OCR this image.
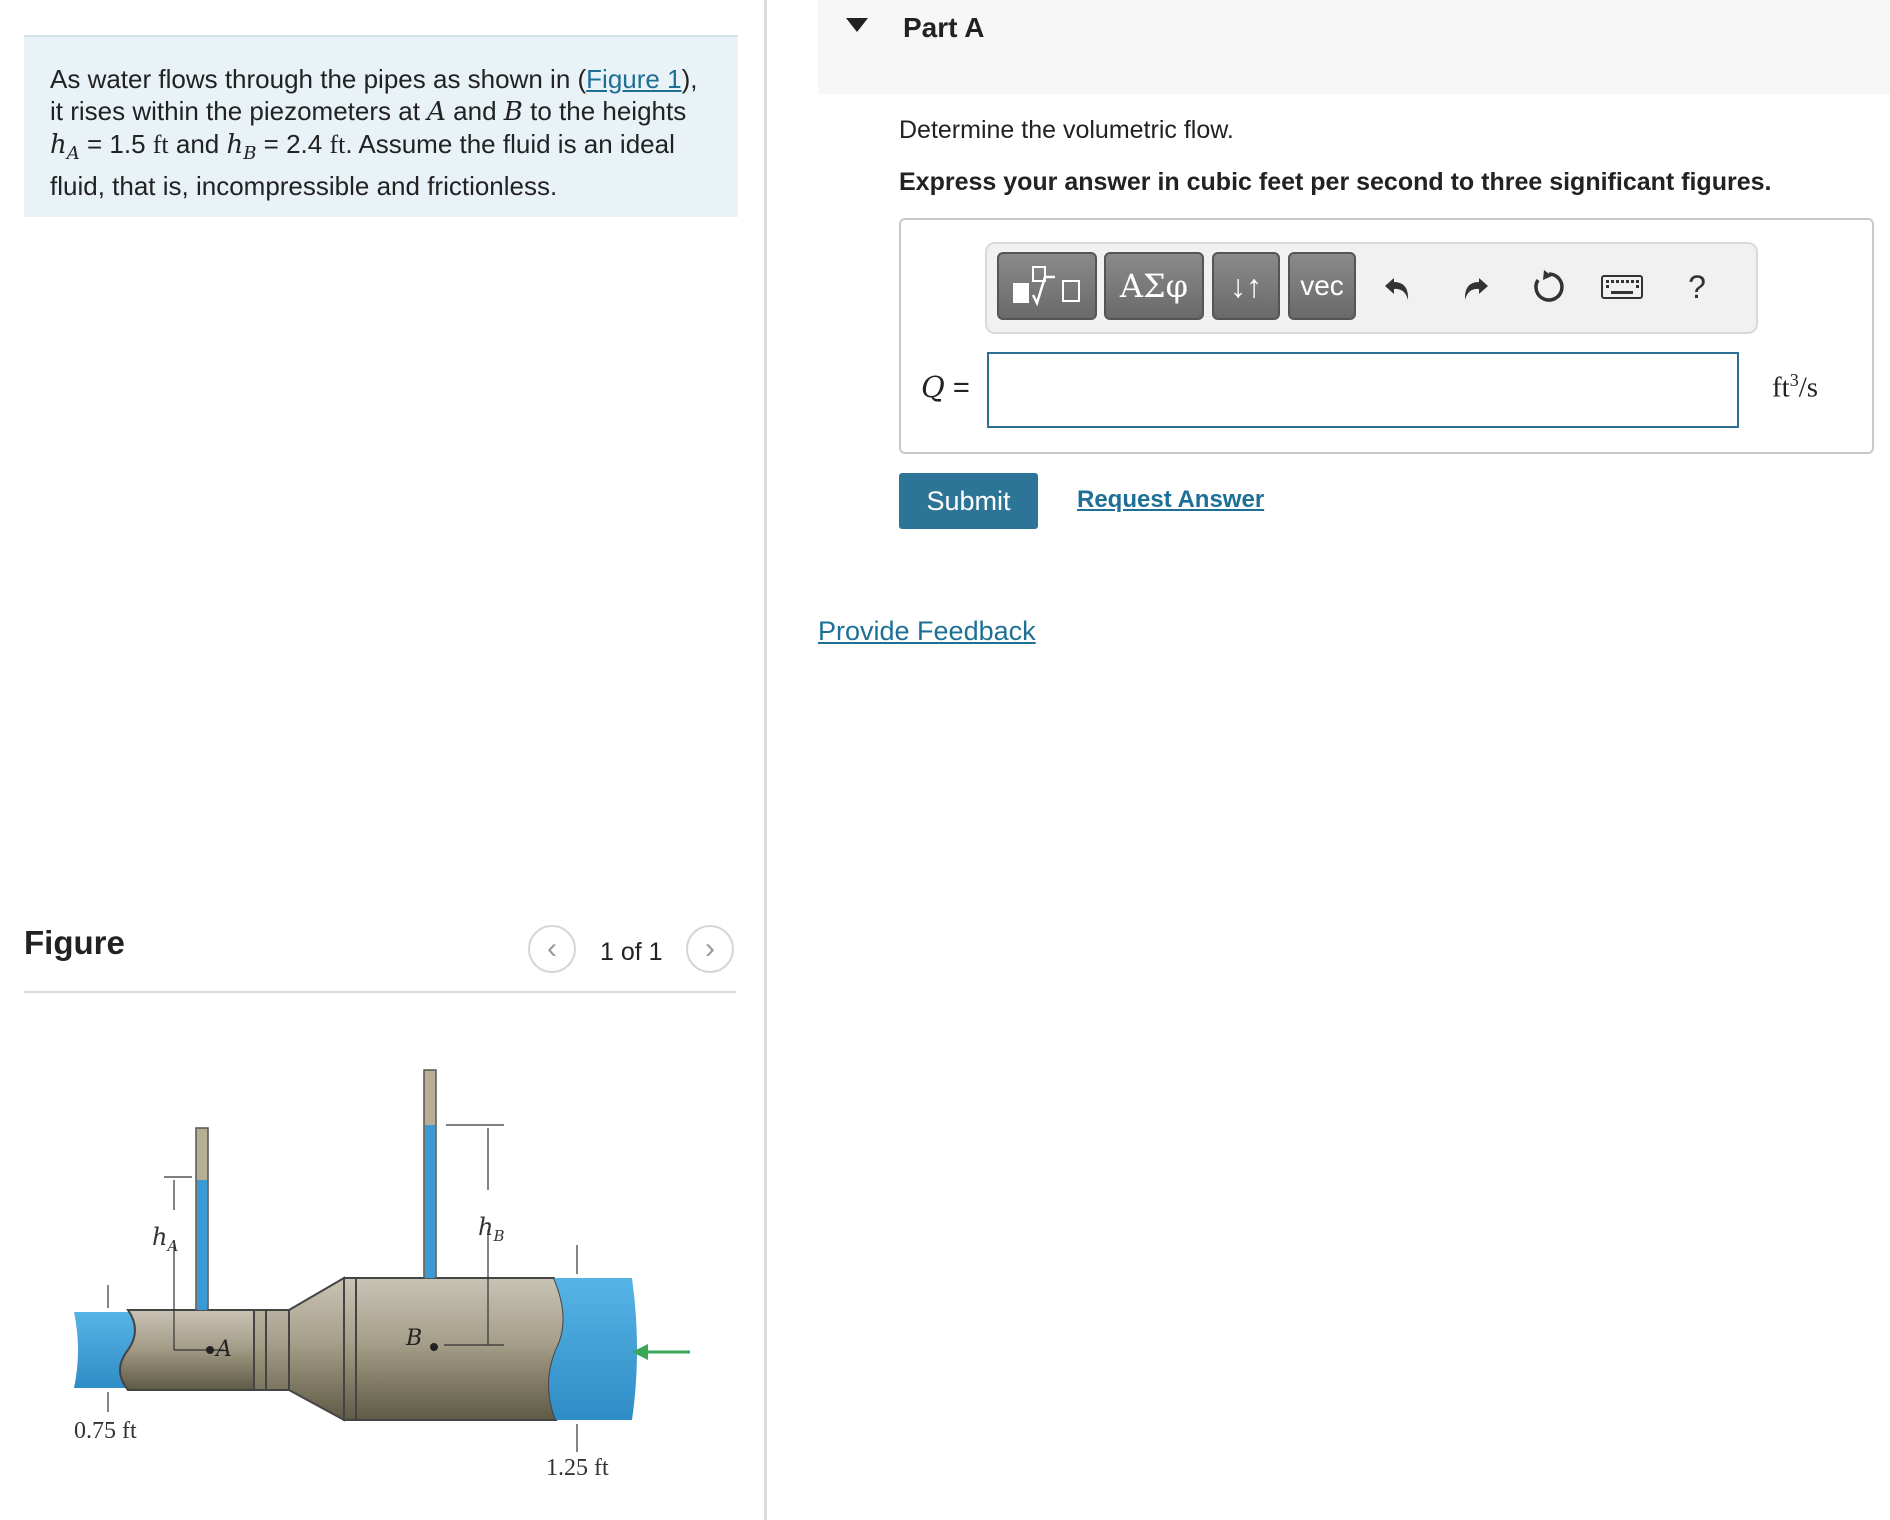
As water flows through the pipes as shown in (Figure 1),
it rises within the piezometers at A and B to the heights
$h_A = 1.5$ ft and $h_B = 2.4$ ft. Assume the fluid is an ideal
fluid, that is, incompressible and frictionless.
Figure	‹ 1 of 1 ›
$h_A$
$h_B$
A	B
0.75 ft
1.25 ft
Part A
Determine the volumetric flow.
Express your answer in cubic feet per second to three significant figures.
ΑΣφ	↓↑	vec	?
Q =	$ft^3/s$
Submit	Request Answer
Provide Feedback
